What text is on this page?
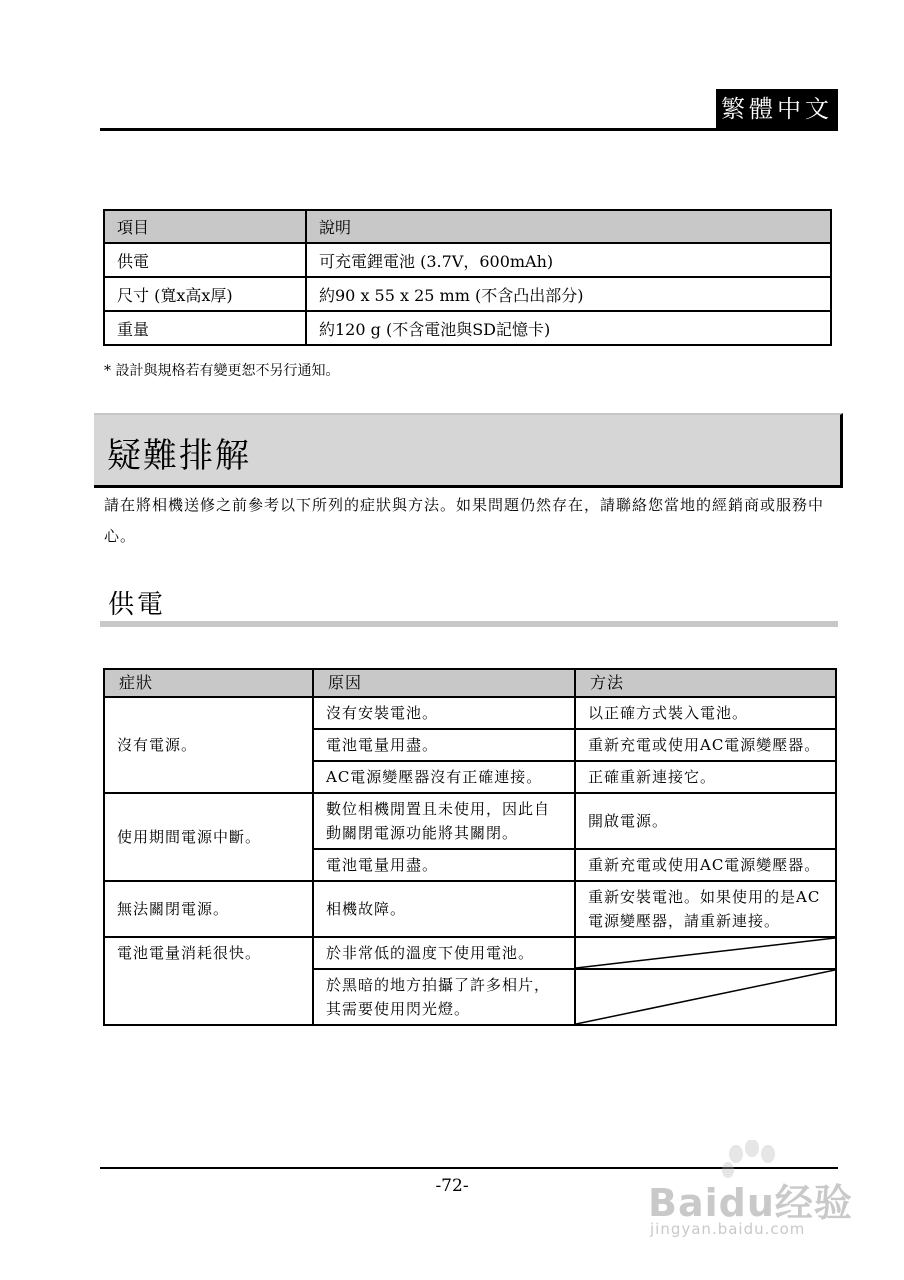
繁體中文
項目	說明
供電	可充電鋰電池 (3.7V，600mAh)
尺寸 (寬x高x厚)	約90 x 55 x 25 mm (不含凸出部分)
重量	約120 g (不含電池與SD記憶卡)
* 設計與規格若有變更恕不另行通知。
疑難排解
請在將相機送修之前參考以下所列的症狀與方法。如果問題仍然存在，請聯絡您當地的經銷商或服務中心。
供電
症狀	原因	方法
沒有電源。	沒有安裝電池。	以正確方式裝入電池。
	電池電量用盡。	重新充電或使用AC電源變壓器。
	AC電源變壓器沒有正確連接。	正確重新連接它。
使用期間電源中斷。	數位相機閒置且未使用，因此自動關閉電源功能將其關閉。	開啟電源。
	電池電量用盡。	重新充電或使用AC電源變壓器。
無法關閉電源。	相機故障。	重新安裝電池。如果使用的是AC電源變壓器，請重新連接。
電池電量消耗很快。	於非常低的溫度下使用電池。	

	於黑暗的地方拍攝了許多相片，其需要使用閃光燈。	
-72-	Baidu经验
jingyan.baidu.com
